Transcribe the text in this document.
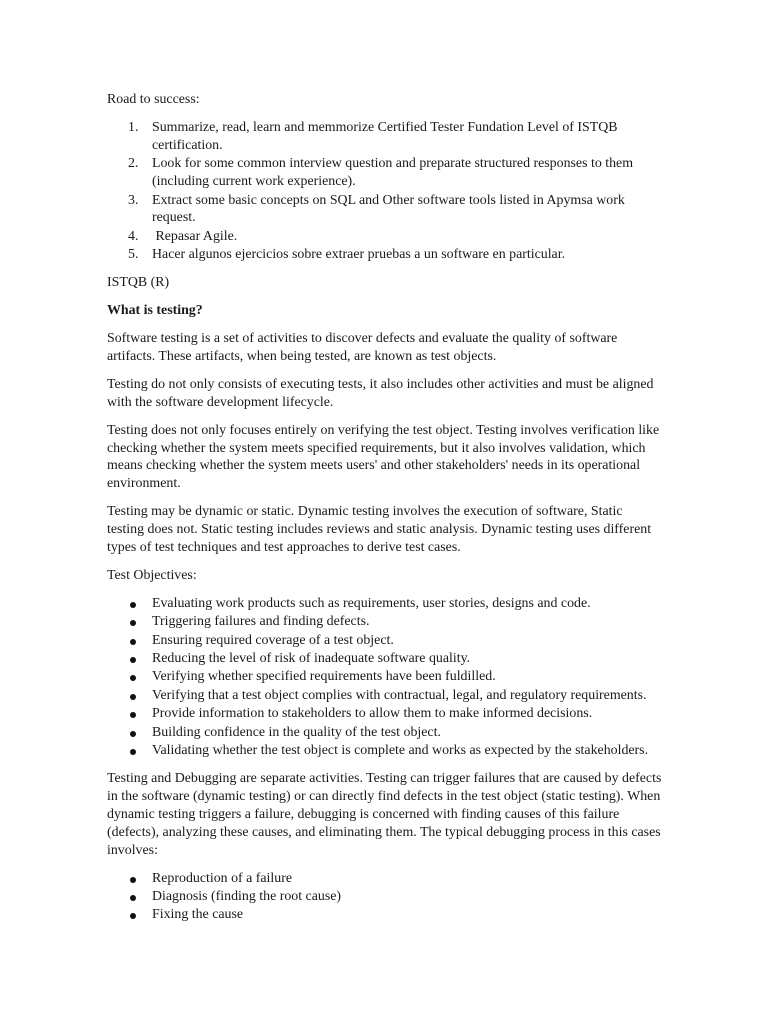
Road to success:

1. Summarize, read, learn and memmorize Certified Tester Fundation Level of ISTQB certification.
2. Look for some common interview question and preparate structured responses to them (including current work experience).
3. Extract some basic concepts on SQL and Other software tools listed in Apymsa work request.
4. Repasar Agile.
5. Hacer algunos ejercicios sobre extraer pruebas a un software en particular.

ISTQB (R)

What is testing?

Software testing is a set of activities to discover defects and evaluate the quality of software artifacts. These artifacts, when being tested, are known as test objects.

Testing do not only consists of executing tests, it also includes other activities and must be aligned with the software development lifecycle.

Testing does not only focuses entirely on verifying the test object. Testing involves verification like checking whether the system meets specified requirements, but it also involves validation, which means checking whether the system meets users' and other stakeholders' needs in its operational environment.

Testing may be dynamic or static. Dynamic testing involves the execution of software, Static testing does not. Static testing includes reviews and static analysis. Dynamic testing uses different types of test techniques and test approaches to derive test cases.

Test Objectives:

Evaluating work products such as requirements, user stories, designs and code.
Triggering failures and finding defects.
Ensuring required coverage of a test object.
Reducing the level of risk of inadequate software quality.
Verifying whether specified requirements have been fuldilled.
Verifying that a test object complies with contractual, legal, and regulatory requirements.
Provide information to stakeholders to allow them to make informed decisions.
Building confidence in the quality of the test object.
Validating whether the test object is complete and works as expected by the stakeholders.

Testing and Debugging are separate activities. Testing can trigger failures that are caused by defects in the software (dynamic testing) or can directly find defects in the test object (static testing). When dynamic testing triggers a failure, debugging is concerned with finding causes of this failure (defects), analyzing these causes, and eliminating them. The typical debugging process in this cases involves:

Reproduction of a failure
Diagnosis (finding the root cause)
Fixing the cause
